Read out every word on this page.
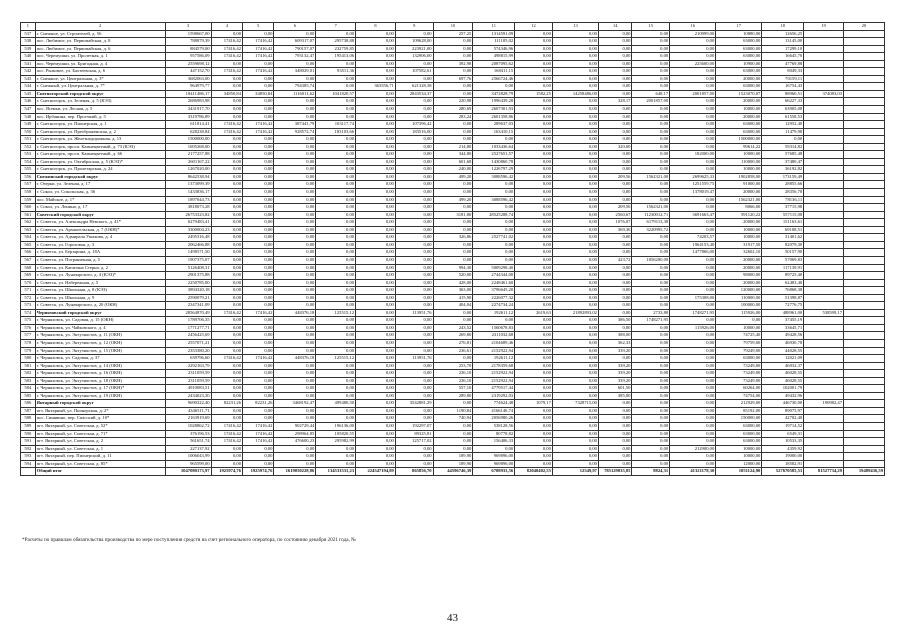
1	2	3	4	5	6	7	8	9	10	11	12	13	14	15	16	17	18	19	20
537	г. Снежное, ул. Строителей, д. 56	1598667,00	0,00	0,00	0,00	0,00	0,00	0,00	257,25	1314591,09	0,00	0,00	0,00	0,00	210999,00	10880,00	12656,25		
538	пос. Любимое, ул. Первомайская, д. 8	788879,39	17416,42	17416,42	609317,07	295738,88	0,00	109628,00	0,00	111105,02	0,00	0,00	0,00	0,00	0,00	63000,00	13145,00		
539	пос. Любимое, ул. Первомайская, д. 6	884579,00	17416,42	17416,42	790157,07	232759,85	0,00	223921,00	0,00	574346,96	0,00	0,00	0,00	0,00	0,00	63000,00	17299,10		
540	пос. Черемушки, ул. Пролетная, д. 1	957586,09	17416,42	17416,42	793132,47	195413,06	0,00	132906,00	0,00	498815,99	0,00	0,00	0,00	0,00	0,00	63000,00	16645,70		
541	пос. Черемушки, ул. Бригадная, д. 4	2559698,12	0,00	0,00	0,00	0,00	0,00	0,00	392,98	2087095,62	0,00	0,00	0,00	0,00	225600,00	10900,00	47769,88		
542	пос. Рыжовое, ул. Бахтеевская, д. 6	447152,70	17416,42	17416,42	348029,01	93511,36	0,00	107582,61	0,00	168411,15	0,00	0,00	0,00	0,00	0,00	63000,00	8049,33		
543	г. Снежное, ул. Центральная, д. 3*	3682063,00	0,00	0,00	0,00	0,00	0,00	0,00	697,76	2566724,46	0,00	0,00	0,00	0,00	0,00	20000,00	70159,11		
544	г. Снежный, ул. Центральная, д. 7*	964979,77	0,00	0,00	794385,74	0,00	363556,71	621328,38	0,00	0,00	0,00	0,00	0,00	0,00	0,00	63000,00	16754,43		
545	Снегногорский городской округ	18411486,17	34850,84	34850,84	1116011,62	1041820,57	0,00	2843534,37	0,00	3472828,79	1582,25	14258486,00	0,00	648,17	2001857,00	1523070,07	88960,51	374083,03	
546	г. Снегногорск, ул. Зеленая, д. 5 (КЭЗ)	2686983,98	0,00	0,00	0,00	0,00	0,00	0,00	220,98	1996439,28	0,00	0,00	328,17	2001857,00	0,00	20000,00	66227,33		
547	пос. Ясенки, ул. Лесная, д. 5	3431917,70	0,00	0,00	0,00	0,00	0,00	0,00	280,69	2607301,93	0,00	0,00	0,00	0,00	0,00	10000,00	63905,08		
548	пос. Ирбанина, пер. Проезжий, д. 5	3319786,89	0,00	0,00	0,00	0,00	0,00	0,00	283,24	2601358,86	0,00	0,00	0,00	0,00	0,00	20000,00	61558,53		
549	г. Снегногорск, ул. Пионерская, д. 1	611814,41	17416,42	17416,42	387441,79	103117,74	0,00	107396,42	0,00	289637,03	0,00	0,00	0,00	0,00	0,00	63000,00	12952,40		
550	г. Снегногорск, ул. Преображенская, д. 2	628238,84	17416,42	17416,42	928572,74	183103,66	0,00	183516,00	0,00	163410,15	0,00	0,00	0,00	0,00	0,00	63000,00	11479,98		
551	г. Снегногорск, ул. Железнодорожная, д. 13	1500000,00	0,00	0,00	0,00	0,00	0,00	0,00	0,00	0,00	0,00	0,00	0,00	0,00	0,00	1500000,00	0,00		
552	г. Снегногорск, просп. Камнецветный, д. 73 (КЭЗ)	1695268,00	0,00	0,00	0,00	0,00	0,00	0,00	214,80	1033436,64	0,00	0,00	320,00	0,00	0,00	99614,22	59314,82		
553	г. Снегногорск, просп. Камнецветный, д. 66	2177257,88	0,00	0,00	0,00	0,00	0,00	0,00	344,80	2527651,57	0,00	0,00	0,00	0,00	182000,00	10000,00	57685,48		
554	г. Снегногорск, ул. Октябрьская, д. 5 (КЭЗ)*	2601167,22	0,00	0,00	0,00	0,00	0,00	0,00	601,68	1430860,78	0,00	0,00	0,00	0,00	0,00	110000,00	37480,47		
555	г. Снегногорск, ул. Пролетарская, д. 24	1267020,00	0,00	0,00	0,00	0,00	0,00	0,00	240,00	1226797,29	0,00	0,00	0,00	0,00	0,00	10000,00	36192,82		
556	Снежинский городской округ	8642538,94	0,00	0,00	0,00	0,00	0,00	0,00	499,20	3088596,42	0,00	0,00	209,56	1562321,00	2699625,33	1902858,00	173159,49		
557	г. Озерки, ул. Зеленая, д. 17	1373099,39	0,00	0,00	0,00	0,00	0,00	0,00	0,00	0,00	0,00	0,00	0,00	0,00	1251559,75	91000,00	28855,66		
558	г. Сокол, ул. Сокольская, д. 36	1433836,17	0,00	0,00	0,00	0,00	0,00	0,00	0,00	0,00	0,00	0,00	0,00	0,00	1378019,47	20000,00	28356,70		
559	пос. Майское, д. 1*	1897044,73	0,00	0,00	0,00	0,00	0,00	0,00	499,20	3088596,42	0,00	0,00	0,00	0,00	0,00	1562321,00	78136,11		
560	г. Сокол, ул. Ленина, д. 17	3818073,28	0,00	0,00	0,00	0,00	0,00	0,00	0,00	0,00	0,00	0,00	209,56	1562321,00	0,00	8066,00	37715,98		
561	Советский городской округ	26753323,82	0,00	0,00	0,00	0,00	0,00	0,00	3181,80	28525288,74	0,00	0,00	2560,67	11230012,71	3691663,47	591120,22	557115,08		
562	г. Советск, ул. Александра Невского, д. 41*	6279483,41	0,00	0,00	0,00	0,00	0,00	0,00	0,00	0,00	0,00	0,00	1076,07	6179113,38	0,00	20000,00	151163,61		
563	г. Советск, ул. Архангельская, д. 7 (ОКН)*	3300004,23	0,00	0,00	0,00	0,00	0,00	0,00	0,00	0,00	0,00	0,00	369,36	3220995,72	0,00	10000,00	69108,51		
564	г. Советск, ул. Адмирала Ушакова, д. 4	2495316,48	0,00	0,00	0,00	0,00	0,00	0,00	326,86	2527741,02	0,00	0,00	0,00	0,00	74203,57	10000,00	31401,62		
565	г. Советск, ул. Гороховая, д. 3	2062466,88	0,00	0,00	0,00	0,00	0,00	0,00	0,00	0,00	0,00	0,00	0,00	0,00	1964153,40	31917,50	82079,30		
566	г. Советск, ул. Берзарина, д. 18А	1498571,50	0,00	0,00	0,00	0,00	0,00	0,00	0,00	0,00	0,00	0,00	0,00	0,00	1477866,00	32602,10	50157,90		
567	г. Советск, ул. Пограничная, д. 5	1907375,07	0,00	0,00	0,00	0,00	0,00	0,00	0,00	0,00	0,00	0,00	423,72	1856200,00	0,00	20000,00	57069,83		
568	г. Советск, ул. Капитана Стерна, д. 2	5126408,31	0,00	0,00	0,00	0,00	0,00	0,00	994,30	5009298,40	0,00	0,00	0,00	0,00	0,00	20000,00	117139,91		
569	г. Советск, ул. Луначарского, д. 4 (КЭЗ)*	2901375,88	0,00	0,00	0,00	0,00	0,00	0,00	520,00	2744344,00	0,00	0,00	0,00	0,00	0,00	98000,00	89725,40		
570	г. Советск, ул. Набережная, д. 5	2250785,00	0,00	0,00	0,00	0,00	0,00	0,00	428,00	2248461,60	0,00	0,00	0,00	0,00	0,00	20000,00	62483,40		
571	г. Советск, ул. Школьная, д. 8 (КЭЗ)	3894320,18	0,00	0,00	0,00	0,00	0,00	0,00	363,00	3796645,20	0,00	0,00	0,00	0,00	0,00	120000,00	76868,38		
572	г. Советск, ул. Школьная, д. 9	2590079,21	0,00	0,00	0,00	0,00	0,00	0,00	415,90	2226077,32	0,00	0,00	0,00	0,00	175308,00	110000,00	51398,87		
573	г. Советск, ул. Луначарского, д. 20 (ОКН)	2347341,09	0,00	0,00	0,00	0,00	0,00	0,00	404,04	2274734,24	0,00	0,00	0,00	0,00	0,00	100000,00	72776,75		
574	Черняховский городской округ	28564870,49	17416,42	17416,42	448376,18	125515,12	0,00	113951,76	0,00	192611,12	2619,63	21892893,02	0,00	2733,80	1748271,95	115926,00	488961,00	538599,17	
575	г. Черняховск, ул. Садовая, д. 15 (ОКН)	1789706,35	0,00	0,00	0,00	0,00	0,00	0,00	0,00	0,00	0,00	0,00	386,50	1748271,95	0,00	0,00	37455,19		
576	г. Черняховск, ул. Чайковского, д. 4	1771277,71	0,00	0,00	0,00	0,00	0,00	0,00	243,52	1560678,83	0,00	0,00	0,00	0,00	115926,00	10000,00	33645,71		
577	г. Черняховск, ул. Энтузиастов, д. 11 (ОКН)	2456425,69	0,00	0,00	0,00	0,00	0,00	0,00	269,80	2311032,68	0,00	0,00	388,00	0,00	0,00	74725,40	49428,56		
578	г. Черняховск, ул. Энтузиастов, д. 12 (ОКН)	2557071,21	0,00	0,00	0,00	0,00	0,00	0,00	276,81	2104689,46	0,00	0,00	362,33	0,00	0,00	79759,00	46930,78		
579	г. Черняховск, ул. Энтузиастов, д. 15 (ОКН)	2353380,20	0,00	0,00	0,00	0,00	0,00	0,00	236,61	2152922,94	0,00	0,00	339,20	0,00	0,00	79249,00	44028,55		
580	г. Черняховск, ул. Садовая, д. 37	639796,60	17416,42	17416,42	448376,18	125515,12	0,00	113951,76	0,00	192611,12	0,00	0,00	0,00	0,00	0,00	63000,00	12021,09		
581	г. Черняховск, ул. Энтузиастов, д. 14 (ОКН)	2292163,79	0,00	0,00	0,00	0,00	0,00	0,00	253,70	2178359,68	0,00	0,00	339,20	0,00	0,00	73249,00	46932,37		
582	г. Черняховск, ул. Энтузиастов, д. 16 (ОКН)	2311059,59	0,00	0,00	0,00	0,00	0,00	0,00	236,10	2152922,94	0,00	0,00	339,20	0,00	0,00	73249,00	46028,55		
583	г. Черняховск, ул. Энтузиастов, д. 18 (ОКН)	2311059,59	0,00	0,00	0,00	0,00	0,00	0,00	236,10	2152922,94	0,00	0,00	339,20	0,00	0,00	73249,00	46028,55		
584	г. Черняховск, ул. Энтузиастов, д. 17 (ОКН)*	4910083,51	0,00	0,00	0,00	0,00	0,00	0,00	557,10	4779517,44	0,00	0,00	601,50	0,00	0,00	60264,00	102001,79		
585	г. Черняховск, ул. Энтузиастов, д. 19 (ОКН)	2434023,30	0,00	0,00	0,00	0,00	0,00	0,00	289,80	2319292,03	0,00	0,00	385,00	0,00	0,00	74754,00	49432,96		
586	Янтарный городской округ	9690322,40	82231,26	82231,26	3468192,47	499480,50	0,00	3542881,29	0,00	774624,48	1079,17	7328715,00	0,00	0,00	0,00	212929,00	446730,00	190982,47	
587	пгт. Янтарный, ул. Пионерская, д. 2*	4346511,71	0,00	0,00	0,00	0,00	0,00	0,00	1190,84	4166146,74	0,00	0,00	0,00	0,00	0,00	85192,00	89075,97		
588	пос. Синявино, пер. Спасский, д. 10*	2163919,69	0,00	0,00	0,00	0,00	0,00	0,00	740,94	2056980,26	0,00	0,00	0,00	0,00	0,00	150000,00	42702,40		
589	пгт. Янтарный, ул. Советская, д. 52*	1028862,72	17416,42	17416,42	902729,44	196136,00	0,00	192297,07	0,00	538128,56	0,00	0,00	0,00	0,00	0,00	63000,00	19714,52		
590	пгт. Янтарный, ул. Советская, д. 71*	376196,53	17416,42	17416,42	298964,85	105820,55	0,00	89325,81	0,00	80778,82	0,00	0,00	0,00	0,00	0,00	63000,00	6549,31		
591	пгт. Янтарный, ул. Советская, д. 2	561651,74	17416,42	17416,42	476600,23	295982,99	0,00	125717,02	0,00	156406,33	0,00	0,00	0,00	0,00	0,00	63000,00	10533,35		
592	пгт. Янтарный, ул. Советская, д. 1	227137,92	0,00	0,00	0,00	0,00	0,00	0,00	0,00	0,00	0,00	0,00	0,00	0,00	212900,00	10000,00	4359,92		
593	пгт. Янтарный, пер. Пионерский, д. 11	1006043,99	0,00	0,00	0,00	0,00	0,00	0,00	189,90	969896,00	0,00	0,00	0,00	0,00	0,00	10000,00	19000,00		
594	пгт. Янтарный, ул. Советская, д. 85*	965599,00	0,00	0,00	0,00	0,00	0,00	0,00	189,90	969896,00	0,00	0,00	0,00	0,00	0,00	12000,00	18582,91		
	Общий итог	1047080173,97	1925974,76	1925974,76	1619050228,86	134533531,23	224547194,89	865856,70	44596746,39	6708933,56	82040402,55	12549,97	785129035,85	8824,31	41321178,30	1051124,90	527670585,53	81527734,29	19489436,59
*Расчеты по правилам обязательства производства по мере поступления средств на счет регионального оператора, по состоянию декабря 2021 года, №
43
